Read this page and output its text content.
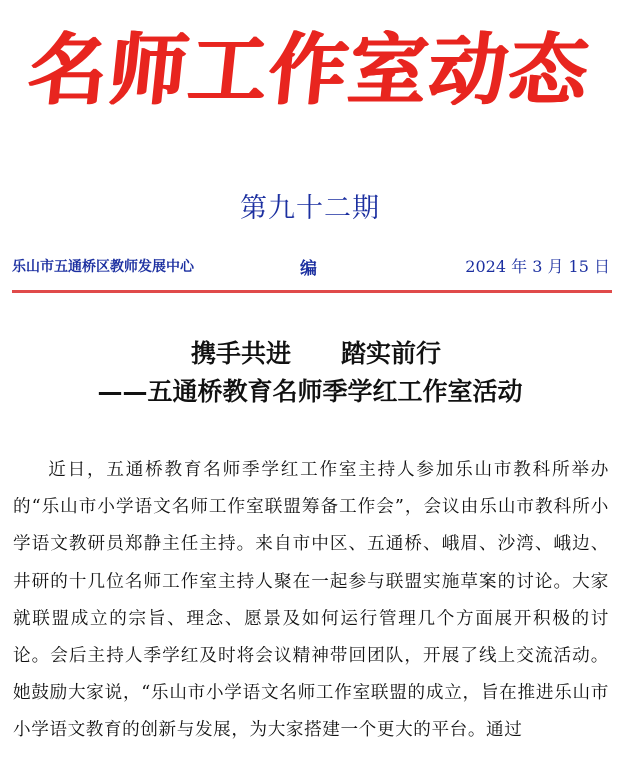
名师工作室动态
第九十二期
乐山市五通桥区教师发展中心	编	2024 年 3 月 15 日
携手共进　　踏实前行
——五通桥教育名师季学红工作室活动
近日，五通桥教育名师季学红工作室主持人参加乐山市教科所举办的“乐山市小学语文名师工作室联盟筹备工作会”，会议由乐山市教科所小学语文教研员郑静主任主持。来自市中区、五通桥、峨眉、沙湾、峨边、井研的十几位名师工作室主持人聚在一起参与联盟实施草案的讨论。大家就联盟成立的宗旨、理念、愿景及如何运行管理几个方面展开积极的讨论。会后主持人季学红及时将会议精神带回团队，开展了线上交流活动。她鼓励大家说，“乐山市小学语文名师工作室联盟的成立，旨在推进乐山市小学语文教育的创新与发展，为大家搭建一个更大的平台。通过
